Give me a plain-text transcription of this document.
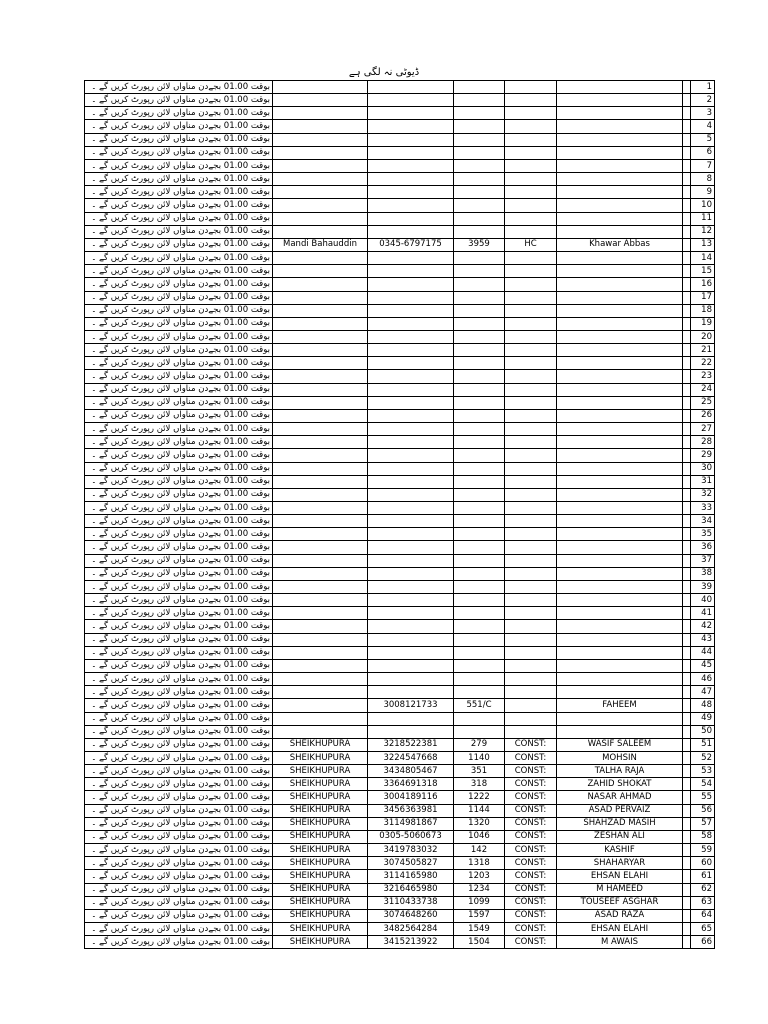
ڈیوٹی نہ لگی ہے
بوقت 01.00 بجےدن مناواں لائن رپورٹ کریں گے ۔							1
بوقت 01.00 بجےدن مناواں لائن رپورٹ کریں گے ۔							2
بوقت 01.00 بجےدن مناواں لائن رپورٹ کریں گے ۔							3
بوقت 01.00 بجےدن مناواں لائن رپورٹ کریں گے ۔							4
بوقت 01.00 بجےدن مناواں لائن رپورٹ کریں گے ۔							5
بوقت 01.00 بجےدن مناواں لائن رپورٹ کریں گے ۔							6
بوقت 01.00 بجےدن مناواں لائن رپورٹ کریں گے ۔							7
بوقت 01.00 بجےدن مناواں لائن رپورٹ کریں گے ۔							8
بوقت 01.00 بجےدن مناواں لائن رپورٹ کریں گے ۔							9
بوقت 01.00 بجےدن مناواں لائن رپورٹ کریں گے ۔							10
بوقت 01.00 بجےدن مناواں لائن رپورٹ کریں گے ۔							11
بوقت 01.00 بجےدن مناواں لائن رپورٹ کریں گے ۔							12
بوقت 01.00 بجےدن مناواں لائن رپورٹ کریں گے ۔	Mandi Bahauddin	0345-6797175	3959	HC	Khawar Abbas		13
بوقت 01.00 بجےدن مناواں لائن رپورٹ کریں گے ۔							14
بوقت 01.00 بجےدن مناواں لائن رپورٹ کریں گے ۔							15
بوقت 01.00 بجےدن مناواں لائن رپورٹ کریں گے ۔							16
بوقت 01.00 بجےدن مناواں لائن رپورٹ کریں گے ۔							17
بوقت 01.00 بجےدن مناواں لائن رپورٹ کریں گے ۔							18
بوقت 01.00 بجےدن مناواں لائن رپورٹ کریں گے ۔							19
بوقت 01.00 بجےدن مناواں لائن رپورٹ کریں گے ۔							20
بوقت 01.00 بجےدن مناواں لائن رپورٹ کریں گے ۔							21
بوقت 01.00 بجےدن مناواں لائن رپورٹ کریں گے ۔							22
بوقت 01.00 بجےدن مناواں لائن رپورٹ کریں گے ۔							23
بوقت 01.00 بجےدن مناواں لائن رپورٹ کریں گے ۔							24
بوقت 01.00 بجےدن مناواں لائن رپورٹ کریں گے ۔							25
بوقت 01.00 بجےدن مناواں لائن رپورٹ کریں گے ۔							26
بوقت 01.00 بجےدن مناواں لائن رپورٹ کریں گے ۔							27
بوقت 01.00 بجےدن مناواں لائن رپورٹ کریں گے ۔							28
بوقت 01.00 بجےدن مناواں لائن رپورٹ کریں گے ۔							29
بوقت 01.00 بجےدن مناواں لائن رپورٹ کریں گے ۔							30
بوقت 01.00 بجےدن مناواں لائن رپورٹ کریں گے ۔							31
بوقت 01.00 بجےدن مناواں لائن رپورٹ کریں گے ۔							32
بوقت 01.00 بجےدن مناواں لائن رپورٹ کریں گے ۔							33
بوقت 01.00 بجےدن مناواں لائن رپورٹ کریں گے ۔							34
بوقت 01.00 بجےدن مناواں لائن رپورٹ کریں گے ۔							35
بوقت 01.00 بجےدن مناواں لائن رپورٹ کریں گے ۔							36
بوقت 01.00 بجےدن مناواں لائن رپورٹ کریں گے ۔							37
بوقت 01.00 بجےدن مناواں لائن رپورٹ کریں گے ۔							38
بوقت 01.00 بجےدن مناواں لائن رپورٹ کریں گے ۔							39
بوقت 01.00 بجےدن مناواں لائن رپورٹ کریں گے ۔							40
بوقت 01.00 بجےدن مناواں لائن رپورٹ کریں گے ۔							41
بوقت 01.00 بجےدن مناواں لائن رپورٹ کریں گے ۔							42
بوقت 01.00 بجےدن مناواں لائن رپورٹ کریں گے ۔							43
بوقت 01.00 بجےدن مناواں لائن رپورٹ کریں گے ۔							44
بوقت 01.00 بجےدن مناواں لائن رپورٹ کریں گے ۔							45
بوقت 01.00 بجےدن مناواں لائن رپورٹ کریں گے ۔							46
بوقت 01.00 بجےدن مناواں لائن رپورٹ کریں گے ۔							47
بوقت 01.00 بجےدن مناواں لائن رپورٹ کریں گے ۔		3008121733	551/C		FAHEEM		48
بوقت 01.00 بجےدن مناواں لائن رپورٹ کریں گے ۔							49
بوقت 01.00 بجےدن مناواں لائن رپورٹ کریں گے ۔							50
بوقت 01.00 بجےدن مناواں لائن رپورٹ کریں گے ۔	SHEIKHUPURA	3218522381	279	CONST:	WASIF SALEEM		51
بوقت 01.00 بجےدن مناواں لائن رپورٹ کریں گے ۔	SHEIKHUPURA	3224547668	1140	CONST:	MOHSIN		52
بوقت 01.00 بجےدن مناواں لائن رپورٹ کریں گے ۔	SHEIKHUPURA	3434805467	351	CONST:	TALHA RAJA		53
بوقت 01.00 بجےدن مناواں لائن رپورٹ کریں گے ۔	SHEIKHUPURA	3364691318	318	CONST:	ZAHID SHOKAT		54
بوقت 01.00 بجےدن مناواں لائن رپورٹ کریں گے ۔	SHEIKHUPURA	3004189116	1222	CONST:	NASAR AHMAD		55
بوقت 01.00 بجےدن مناواں لائن رپورٹ کریں گے ۔	SHEIKHUPURA	3456363981	1144	CONST:	ASAD PERVAIZ		56
بوقت 01.00 بجےدن مناواں لائن رپورٹ کریں گے ۔	SHEIKHUPURA	3114981867	1320	CONST:	SHAHZAD MASIH		57
بوقت 01.00 بجےدن مناواں لائن رپورٹ کریں گے ۔	SHEIKHUPURA	0305-5060673	1046	CONST:	ZESHAN ALI		58
بوقت 01.00 بجےدن مناواں لائن رپورٹ کریں گے ۔	SHEIKHUPURA	3419783032	142	CONST:	KASHIF		59
بوقت 01.00 بجےدن مناواں لائن رپورٹ کریں گے ۔	SHEIKHUPURA	3074505827	1318	CONST:	SHAHARYAR		60
بوقت 01.00 بجےدن مناواں لائن رپورٹ کریں گے ۔	SHEIKHUPURA	3114165980	1203	CONST:	EHSAN ELAHI		61
بوقت 01.00 بجےدن مناواں لائن رپورٹ کریں گے ۔	SHEIKHUPURA	3216465980	1234	CONST:	M HAMEED		62
بوقت 01.00 بجےدن مناواں لائن رپورٹ کریں گے ۔	SHEIKHUPURA	3110433738	1099	CONST:	TOUSEEF ASGHAR		63
بوقت 01.00 بجےدن مناواں لائن رپورٹ کریں گے ۔	SHEIKHUPURA	3074648260	1597	CONST:	ASAD RAZA		64
بوقت 01.00 بجےدن مناواں لائن رپورٹ کریں گے ۔	SHEIKHUPURA	3482564284	1549	CONST:	EHSAN ELAHI		65
بوقت 01.00 بجےدن مناواں لائن رپورٹ کریں گے ۔	SHEIKHUPURA	3415213922	1504	CONST:	M AWAIS		66
